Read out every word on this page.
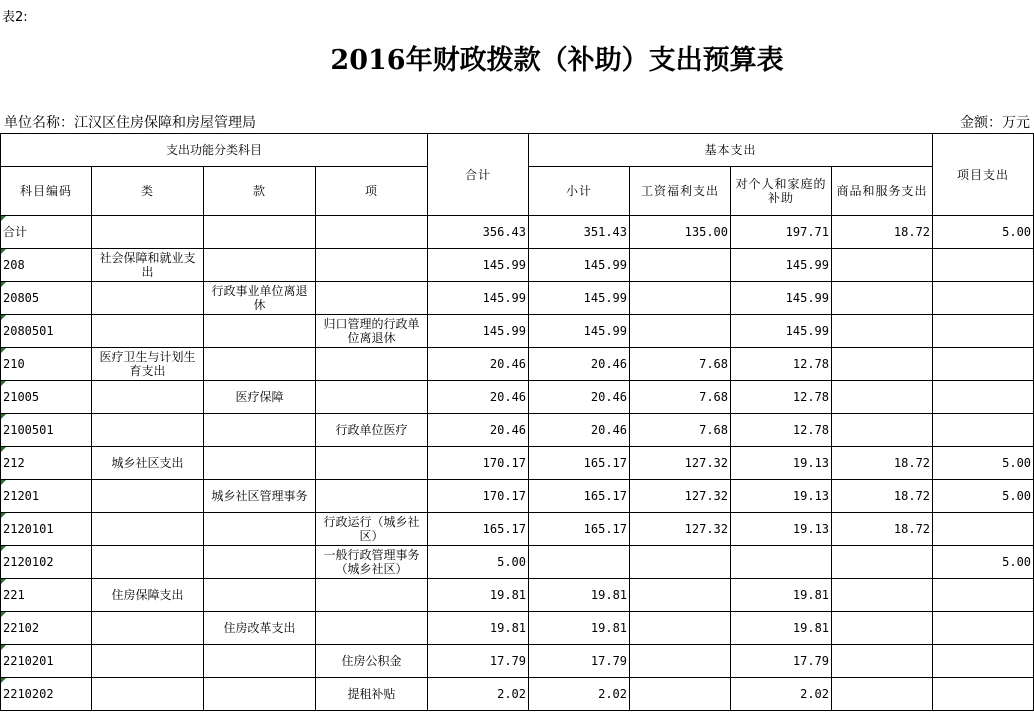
表2:
2016年财政拨款（补助）支出预算表
单位名称：江汉区住房保障和房屋管理局	金额：万元
支出功能分类科目				合计	基本支出				项目支出
科目编码	类	款	项		小计	工资福利支出	对个人和家庭的补助	商品和服务支出	
合计				356.43	351.43	135.00	197.71	18.72	5.00
208	社会保障和就业支出			145.99	145.99		145.99		
20805		行政事业单位离退休		145.99	145.99		145.99		
2080501			归口管理的行政单位离退休	145.99	145.99		145.99		
210	医疗卫生与计划生育支出			20.46	20.46	7.68	12.78		
21005		医疗保障		20.46	20.46	7.68	12.78		
2100501			行政单位医疗	20.46	20.46	7.68	12.78		
212	城乡社区支出			170.17	165.17	127.32	19.13	18.72	5.00
21201		城乡社区管理事务		170.17	165.17	127.32	19.13	18.72	5.00
2120101			行政运行（城乡社区）	165.17	165.17	127.32	19.13	18.72	
2120102			一般行政管理事务（城乡社区）	5.00					5.00
221	住房保障支出			19.81	19.81		19.81		
22102		住房改革支出		19.81	19.81		19.81		
2210201			住房公积金	17.79	17.79		17.79		
2210202			提租补贴	2.02	2.02		2.02		
